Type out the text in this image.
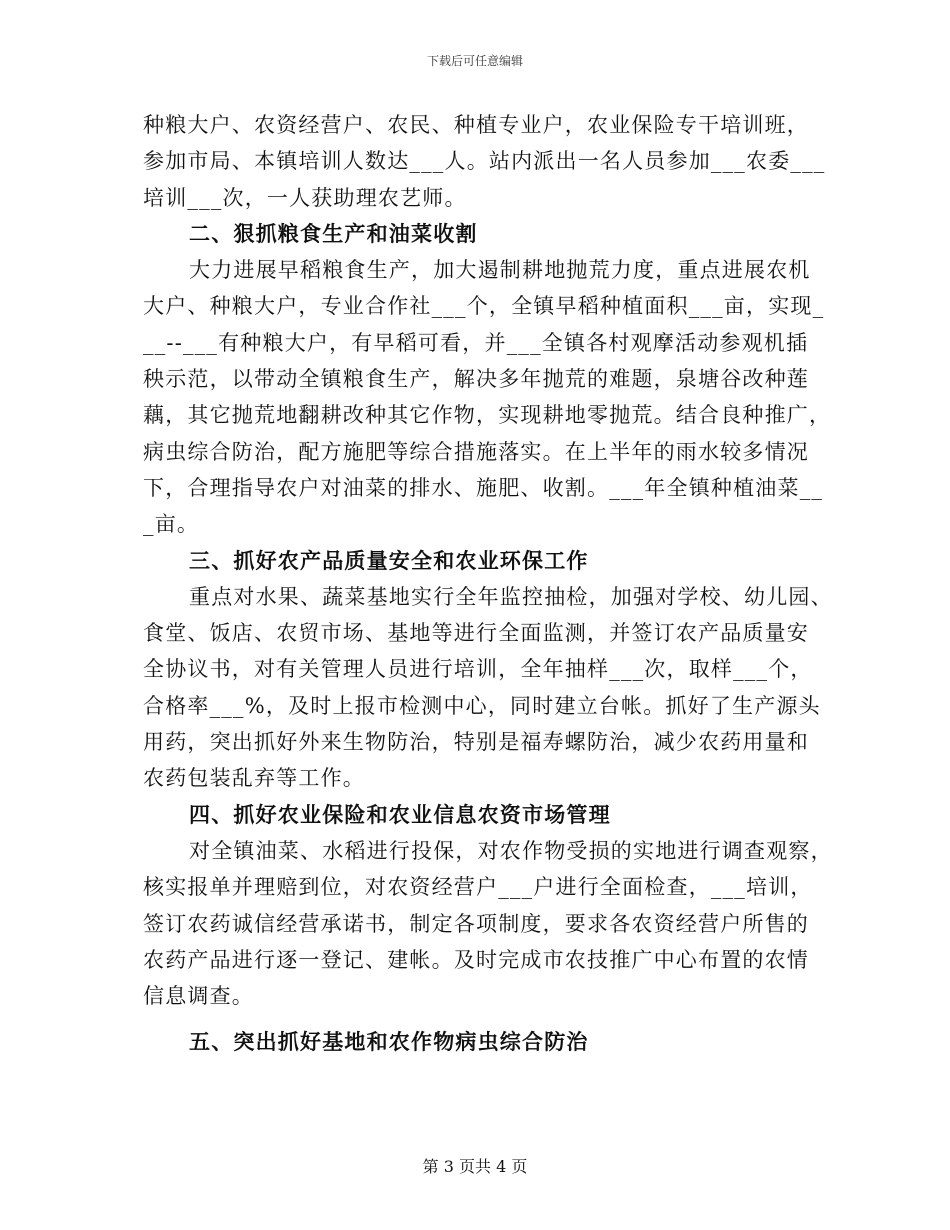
下载后可任意编辑
种粮大户、农资经营户、农民、种植专业户，农业保险专干培训班，
参加市局、本镇培训人数达___人。站内派出一名人员参加___农委___
培训___次，一人获助理农艺师。
二、狠抓粮食生产和油菜收割
大力进展早稻粮食生产，加大遏制耕地抛荒力度，重点进展农机
大户、种粮大户，专业合作社___个，全镇早稻种植面积___亩，实现_
__--___有种粮大户，有早稻可看，并___全镇各村观摩活动参观机插
秧示范，以带动全镇粮食生产，解决多年抛荒的难题，泉塘谷改种莲
藕，其它抛荒地翻耕改种其它作物，实现耕地零抛荒。结合良种推广，
病虫综合防治，配方施肥等综合措施落实。在上半年的雨水较多情况
下，合理指导农户对油菜的排水、施肥、收割。___年全镇种植油菜__
_亩。
三、抓好农产品质量安全和农业环保工作
重点对水果、蔬菜基地实行全年监控抽检，加强对学校、幼儿园、
食堂、饭店、农贸市场、基地等进行全面监测，并签订农产品质量安
全协议书，对有关管理人员进行培训，全年抽样___次，取样___个，
合格率___%，及时上报市检测中心，同时建立台帐。抓好了生产源头
用药，突出抓好外来生物防治，特别是福寿螺防治，减少农药用量和
农药包装乱弃等工作。
四、抓好农业保险和农业信息农资市场管理
对全镇油菜、水稻进行投保，对农作物受损的实地进行调查观察，
核实报单并理赔到位，对农资经营户___户进行全面检查，___培训，
签订农药诚信经营承诺书，制定各项制度，要求各农资经营户所售的
农药产品进行逐一登记、建帐。及时完成市农技推广中心布置的农情
信息调查。
五、突出抓好基地和农作物病虫综合防治
第 3 页共 4 页
